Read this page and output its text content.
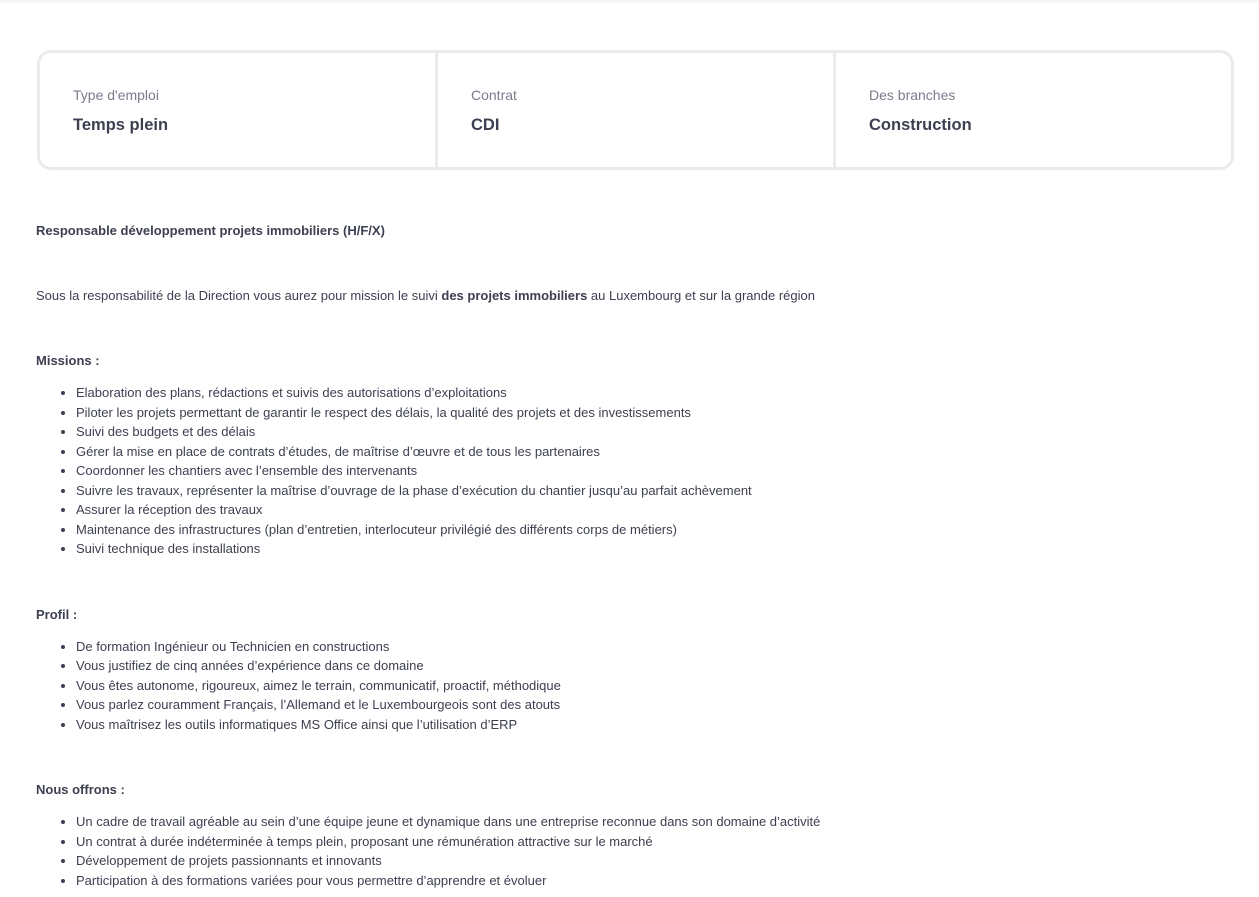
Type d'emploi
Temps plein
Contrat
CDI
Des branches
Construction

Responsable développement projets immobiliers (H/F/X)

Sous la responsabilité de la Direction vous aurez pour mission le suivi des projets immobiliers au Luxembourg et sur la grande région

Missions :

• Elaboration des plans, rédactions et suivis des autorisations d’exploitations
• Piloter les projets permettant de garantir le respect des délais, la qualité des projets et des investissements
• Suivi des budgets et des délais
• Gérer la mise en place de contrats d’études, de maîtrise d’œuvre et de tous les partenaires
• Coordonner les chantiers avec l’ensemble des intervenants
• Suivre les travaux, représenter la maîtrise d’ouvrage de la phase d’exécution du chantier jusqu’au parfait achèvement
• Assurer la réception des travaux
• Maintenance des infrastructures (plan d’entretien, interlocuteur privilégié des différents corps de métiers)
• Suivi technique des installations

Profil :

• De formation Ingénieur ou Technicien en constructions
• Vous justifiez de cinq années d’expérience dans ce domaine
• Vous êtes autonome, rigoureux, aimez le terrain, communicatif, proactif, méthodique
• Vous parlez couramment Français, l’Allemand et le Luxembourgeois sont des atouts
• Vous maîtrisez les outils informatiques MS Office ainsi que l’utilisation d’ERP

Nous offrons :

• Un cadre de travail agréable au sein d’une équipe jeune et dynamique dans une entreprise reconnue dans son domaine d’activité
• Un contrat à durée indéterminée à temps plein, proposant une rémunération attractive sur le marché
• Développement de projets passionnants et innovants
• Participation à des formations variées pour vous permettre d’apprendre et évoluer
